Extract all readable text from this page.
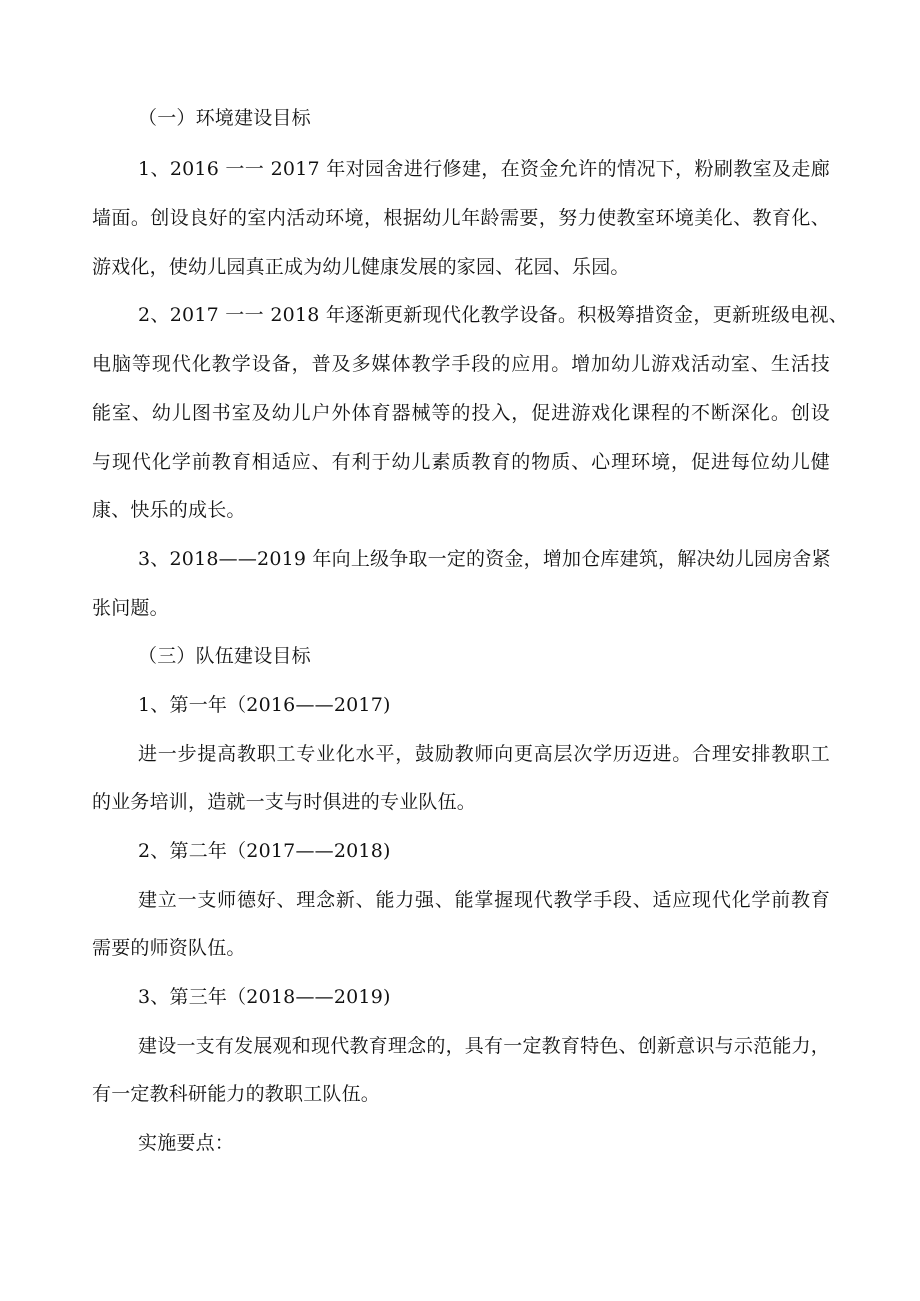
（一）环境建设目标
1、2016 一一 2017 年对园舍进行修建，在资金允许的情况下，粉刷教室及走廊
墙面。创设良好的室内活动环境，根据幼儿年龄需要，努力使教室环境美化、教育化、
游戏化，使幼儿园真正成为幼儿健康发展的家园、花园、乐园。
2、2017 一一 2018 年逐渐更新现代化教学设备。积极筹措资金，更新班级电视、
电脑等现代化教学设备，普及多媒体教学手段的应用。增加幼儿游戏活动室、生活技
能室、幼儿图书室及幼儿户外体育器械等的投入，促进游戏化课程的不断深化。创设
与现代化学前教育相适应、有利于幼儿素质教育的物质、心理环境，促进每位幼儿健
康、快乐的成长。
3、2018——2019 年向上级争取一定的资金，增加仓库建筑，解决幼儿园房舍紧
张问题。
（三）队伍建设目标
1、第一年（2016——2017)
进一步提高教职工专业化水平，鼓励教师向更高层次学历迈进。合理安排教职工
的业务培训，造就一支与时俱进的专业队伍。
2、第二年（2017——2018)
建立一支师德好、理念新、能力强、能掌握现代教学手段、适应现代化学前教育
需要的师资队伍。
3、第三年（2018——2019)
建设一支有发展观和现代教育理念的，具有一定教育特色、创新意识与示范能力，
有一定教科研能力的教职工队伍。
实施要点：
